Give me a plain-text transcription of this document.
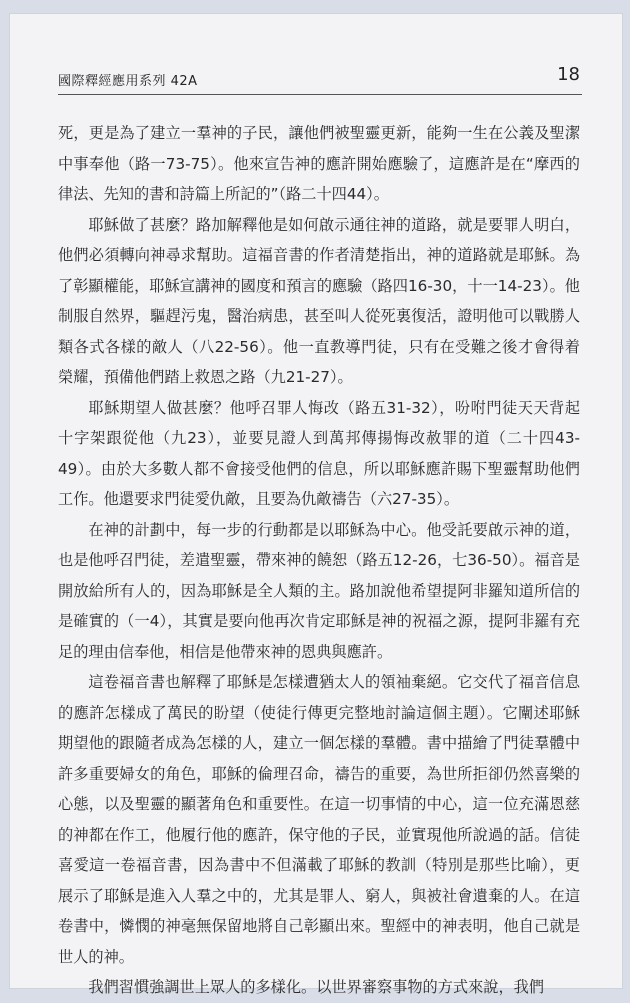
國際釋經應用系列 42A	18

死，更是為了建立一羣神的子民，讓他們被聖靈更新，能夠一生在公義及聖潔中事奉他（路一73-75）。他來宣告神的應許開始應驗了，這應許是在“摩西的律法、先知的書和詩篇上所記的”（路二十四44）。

耶穌做了甚麼？路加解釋他是如何啟示通往神的道路，就是要罪人明白，他們必須轉向神尋求幫助。這福音書的作者清楚指出，神的道路就是耶穌。為了彰顯權能，耶穌宣講神的國度和預言的應驗（路四16-30，十一14-23）。他制服自然界，驅趕污鬼，醫治病患，甚至叫人從死裏復活，證明他可以戰勝人類各式各樣的敵人（八22-56）。他一直教導門徒，只有在受難之後才會得着榮耀，預備他們踏上救恩之路（九21-27）。

耶穌期望人做甚麼？他呼召罪人悔改（路五31-32），吩咐門徒天天背起十字架跟從他（九23），並要見證人到萬邦傳揚悔改赦罪的道（二十四43-49）。由於大多數人都不會接受他們的信息，所以耶穌應許賜下聖靈幫助他們工作。他還要求門徒愛仇敵，且要為仇敵禱告（六27-35）。

在神的計劃中，每一步的行動都是以耶穌為中心。他受託要啟示神的道，也是他呼召門徒，差遣聖靈，帶來神的饒恕（路五12-26，七36-50）。福音是開放給所有人的，因為耶穌是全人類的主。路加說他希望提阿非羅知道所信的是確實的（一4），其實是要向他再次肯定耶穌是神的祝福之源，提阿非羅有充足的理由信奉他，相信是他帶來神的恩典與應許。

這卷福音書也解釋了耶穌是怎樣遭猶太人的領袖棄絕。它交代了福音信息的應許怎樣成了萬民的盼望（使徒行傳更完整地討論這個主題）。它闡述耶穌期望他的跟隨者成為怎樣的人，建立一個怎樣的羣體。書中描繪了門徒羣體中許多重要婦女的角色，耶穌的倫理召命，禱告的重要，為世所拒卻仍然喜樂的心態，以及聖靈的顯著角色和重要性。在這一切事情的中心，這一位充滿恩慈的神都在作工，他履行他的應許，保守他的子民，並實現他所說過的話。信徒喜愛這一卷福音書，因為書中不但滿載了耶穌的教訓（特別是那些比喻），更展示了耶穌是進入人羣之中的，尤其是罪人、窮人，與被社會遺棄的人。在這卷書中，憐憫的神毫無保留地將自己彰顯出來。聖經中的神表明，他自己就是世人的神。

我們習慣強調世上眾人的多樣化。以世界審察事物的方式來說，我們
